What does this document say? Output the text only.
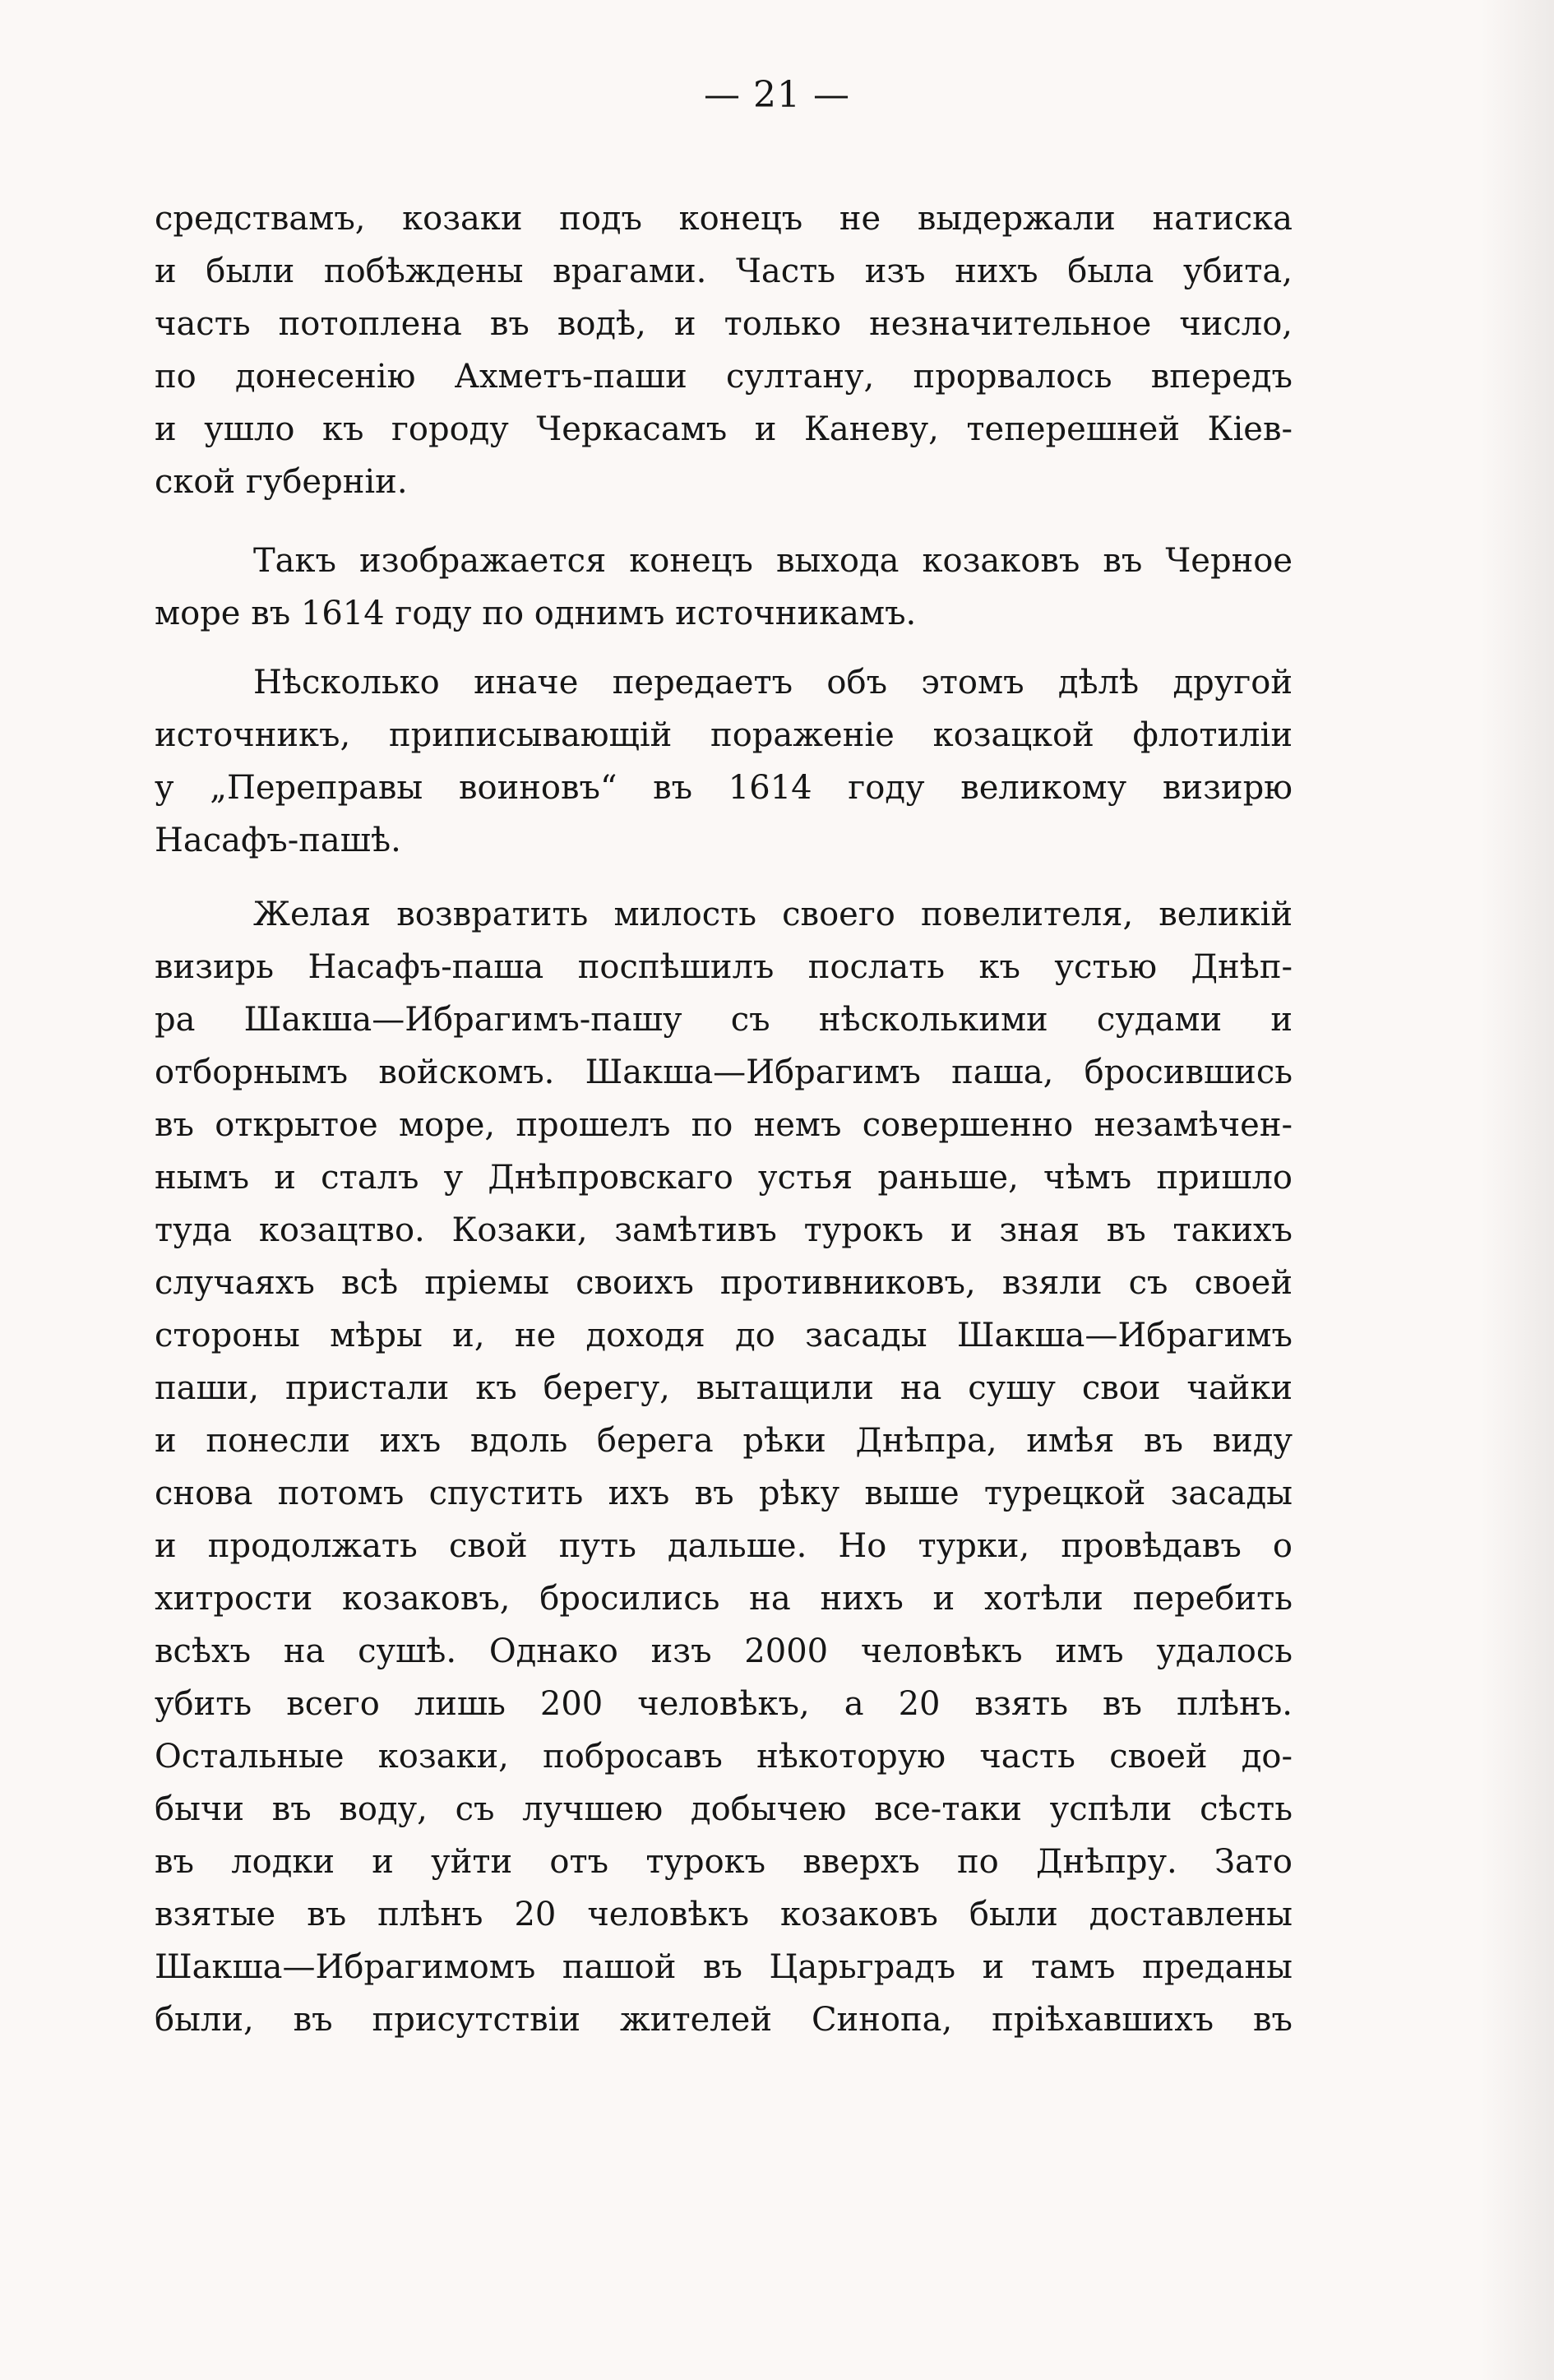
— 21 —
средствамъ, козаки подъ конецъ не выдержали натиска
и были побѣждены врагами. Часть изъ нихъ была убита,
часть потоплена въ водѣ, и только незначительное число,
по донесенію Ахметъ-паши султану, прорвалось впередъ
и ушло къ городу Черкасамъ и Каневу, теперешней Кіев-
ской губерніи.
Такъ изображается конецъ выхода козаковъ въ Черное
море въ 1614 году по однимъ источникамъ.
Нѣсколько иначе передаетъ объ этомъ дѣлѣ другой
источникъ, приписывающій пораженіе козацкой флотиліи
у „Переправы воиновъ“ въ 1614 году великому визирю
Насафъ-пашѣ.
Желая возвратить милость своего повелителя, великій
визирь Насафъ-паша поспѣшилъ послать къ устью Днѣп-
ра Шакша—Ибрагимъ-пашу съ нѣсколькими судами и
отборнымъ войскомъ. Шакша—Ибрагимъ паша, бросившись
въ открытое море, прошелъ по немъ совершенно незамѣчен-
нымъ и сталъ у Днѣпровскаго устья раньше, чѣмъ пришло
туда козацтво. Козаки, замѣтивъ турокъ и зная въ такихъ
случаяхъ всѣ пріемы своихъ противниковъ, взяли съ своей
стороны мѣры и, не доходя до засады Шакша—Ибрагимъ
паши, пристали къ берегу, вытащили на сушу свои чайки
и понесли ихъ вдоль берега рѣки Днѣпра, имѣя въ виду
снова потомъ спустить ихъ въ рѣку выше турецкой засады
и продолжать свой путь дальше. Но турки, провѣдавъ о
хитрости козаковъ, бросились на нихъ и хотѣли перебить
всѣхъ на сушѣ. Однако изъ 2000 человѣкъ имъ удалось
убить всего лишь 200 человѣкъ, а 20 взять въ плѣнъ.
Остальные козаки, побросавъ нѣкоторую часть своей до-
бычи въ воду, съ лучшею добычею все-таки успѣли сѣсть
въ лодки и уйти отъ турокъ вверхъ по Днѣпру. Зато
взятые въ плѣнъ 20 человѣкъ козаковъ были доставлены
Шакша—Ибрагимомъ пашой въ Царьградъ и тамъ преданы
были, въ присутствіи жителей Синопа, пріѣхавшихъ въ
